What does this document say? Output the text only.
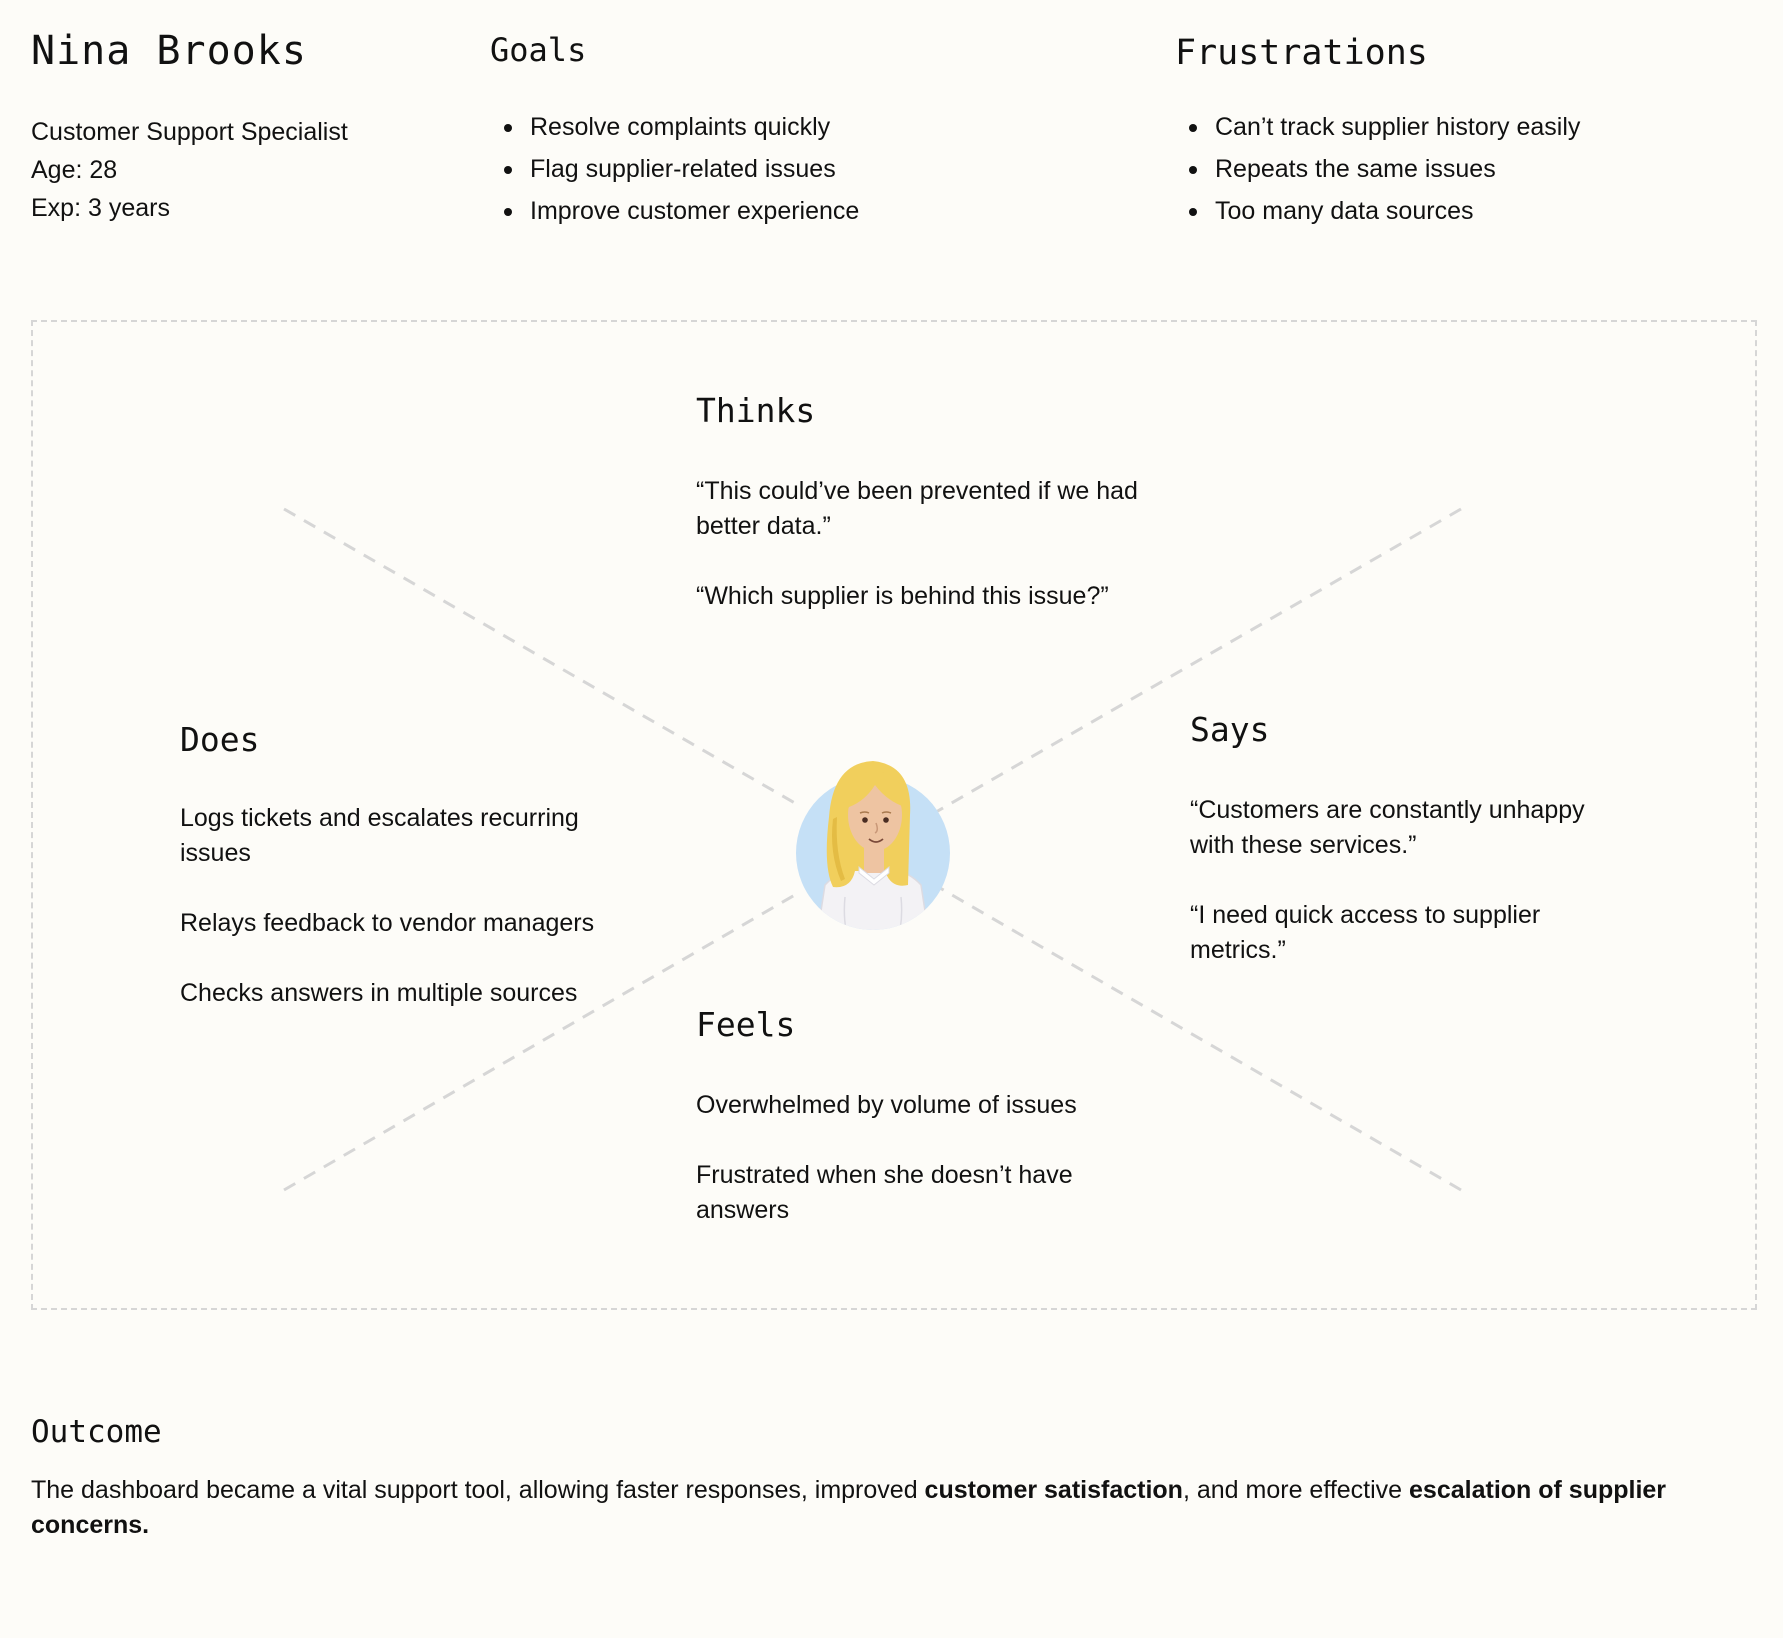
Nina Brooks
Customer Support Specialist
Age: 28
Exp: 3 years
Goals
Resolve complaints quickly
Flag supplier-related issues
Improve customer experience
Frustrations
Can’t track supplier history easily
Repeats the same issues
Too many data sources
Thinks

“This could’ve been prevented if we had better data.”

“Which supplier is behind this issue?”

Does

Logs tickets and escalates recurring issues

Relays feedback to vendor managers

Checks answers in multiple sources

Says

“Customers are constantly unhappy with these services.”

“I need quick access to supplier metrics.”

Feels

Overwhelmed by volume of issues

Frustrated when she doesn’t have answers

Outcome

The dashboard became a vital support tool, allowing faster responses, improved customer satisfaction, and more effective escalation of supplier concerns.
